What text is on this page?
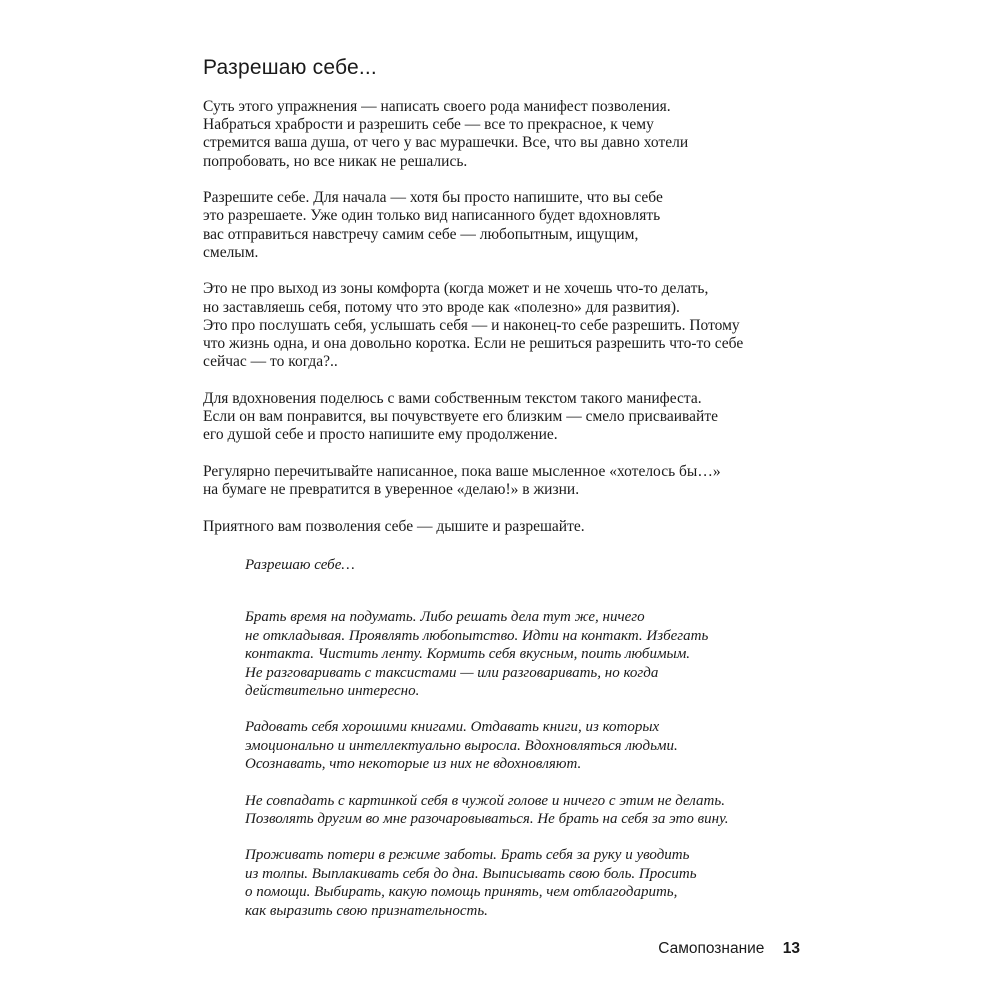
Разрешаю себе...

Суть этого упражнения — написать своего рода манифест позволения.
Набраться храбрости и разрешить себе — все то прекрасное, к чему
стремится ваша душа, от чего у вас мурашечки. Все, что вы давно хотели
попробовать, но все никак не решались.

Разрешите себе. Для начала — хотя бы просто напишите, что вы себе
это разрешаете. Уже один только вид написанного будет вдохновлять
вас отправиться навстречу самим себе — любопытным, ищущим,
смелым.

Это не про выход из зоны комфорта (когда может и не хочешь что-то делать,
но заставляешь себя, потому что это вроде как «полезно» для развития).
Это про послушать себя, услышать себя — и наконец-то себе разрешить. Потому
что жизнь одна, и она довольно коротка. Если не решиться разрешить что-то себе
сейчас — то когда?..

Для вдохновения поделюсь с вами собственным текстом такого манифеста.
Если он вам понравится, вы почувствуете его близким — смело присваивайте
его душой себе и просто напишите ему продолжение.

Регулярно перечитывайте написанное, пока ваше мысленное «хотелось бы…»
на бумаге не превратится в уверенное «делаю!» в жизни.

Приятного вам позволения себе — дышите и разрешайте.

Разрешаю себе…

Брать время на подумать. Либо решать дела тут же, ничего
не откладывая. Проявлять любопытство. Идти на контакт. Избегать
контакта. Чистить ленту. Кормить себя вкусным, поить любимым.
Не разговаривать с таксистами — или разговаривать, но когда
действительно интересно.

Радовать себя хорошими книгами. Отдавать книги, из которых
эмоционально и интеллектуально выросла. Вдохновляться людьми.
Осознавать, что некоторые из них не вдохновляют.

Не совпадать с картинкой себя в чужой голове и ничего с этим не делать.
Позволять другим во мне разочаровываться. Не брать на себя за это вину.

Проживать потери в режиме заботы. Брать себя за руку и уводить
из толпы. Выплакивать себя до дна. Выписывать свою боль. Просить
о помощи. Выбирать, какую помощь принять, чем отблагодарить,
как выразить свою признательность.

Самопознание 13
